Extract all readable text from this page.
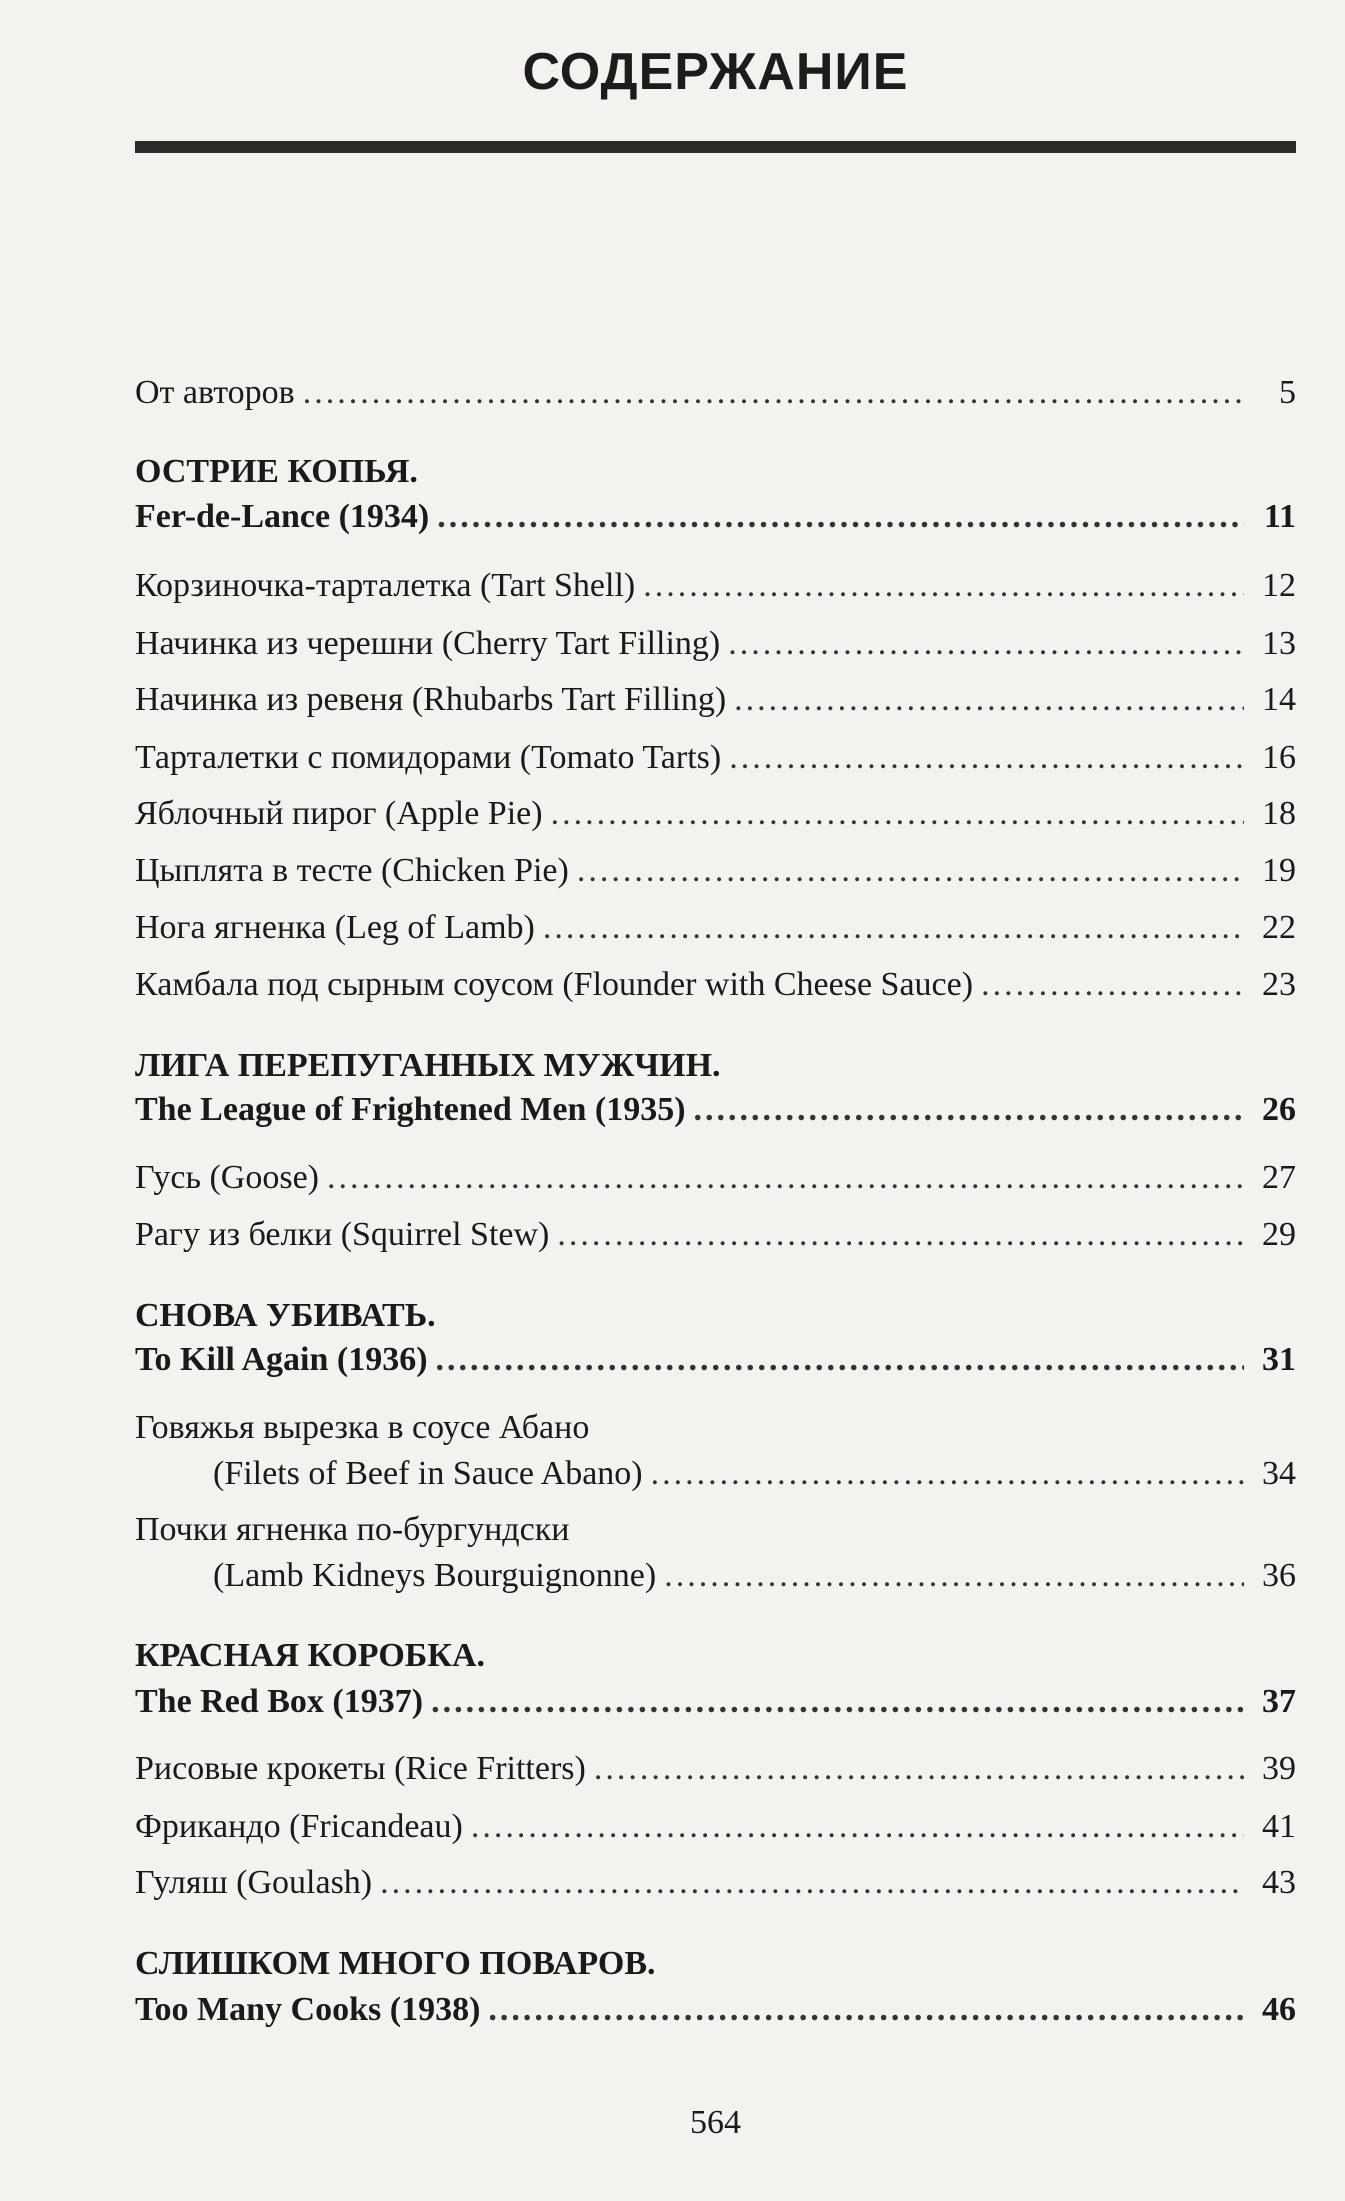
СОДЕРЖАНИЕ
От авторов .....	5
ОСТРИЕ КОПЬЯ.
Fer-de-Lance (1934) .....	11
Корзиночка-тарталетка (Tart Shell) .....	12
Начинка из черешни (Cherry Tart Filling) .....	13
Начинка из ревеня (Rhubarbs Tart Filling) .....	14
Тарталетки с помидорами (Tomato Tarts) .....	16
Яблочный пирог (Apple Pie) .....	18
Цыплята в тесте (Chicken Pie) .....	19
Нога ягненка (Leg of Lamb) .....	22
Камбала под сырным соусом (Flounder with Cheese Sauce) .....	23
ЛИГА ПЕРЕПУГАННЫХ МУЖЧИН.
The League of Frightened Men (1935) .....	26
Гусь (Goose) .....	27
Рагу из белки (Squirrel Stew) .....	29
СНОВА УБИВАТЬ.
To Kill Again (1936) .....	31
Говяжья вырезка в соусе Абано
(Filets of Beef in Sauce Abano) .....	34
Почки ягненка по-бургундски
(Lamb Kidneys Bourguignonne) .....	36
КРАСНАЯ КОРОБКА.
The Red Box (1937) .....	37
Рисовые крокеты (Rice Fritters) .....	39
Фрикандо (Fricandeau) .....	41
Гуляш (Goulash) .....	43
СЛИШКОМ МНОГО ПОВАРОВ.
Too Many Cooks (1938) .....	46
564
